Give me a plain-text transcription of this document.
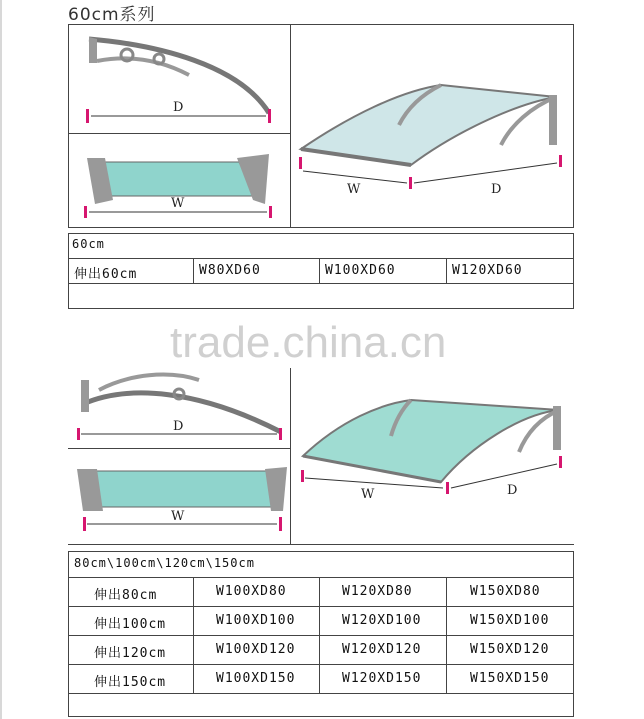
60cm系列
D
W
W	D
60cm
伸出60cm	W80XD60	W100XD60	W120XD60
trade.china.cn
D
W
W	D
80cm\100cm\120cm\150cm
伸出80cm	W100XD80	W120XD80	W150XD80
伸出100cm	W100XD100	W120XD100	W150XD100
伸出120cm	W100XD120	W120XD120	W150XD120
伸出150cm	W100XD150	W120XD150	W150XD150
